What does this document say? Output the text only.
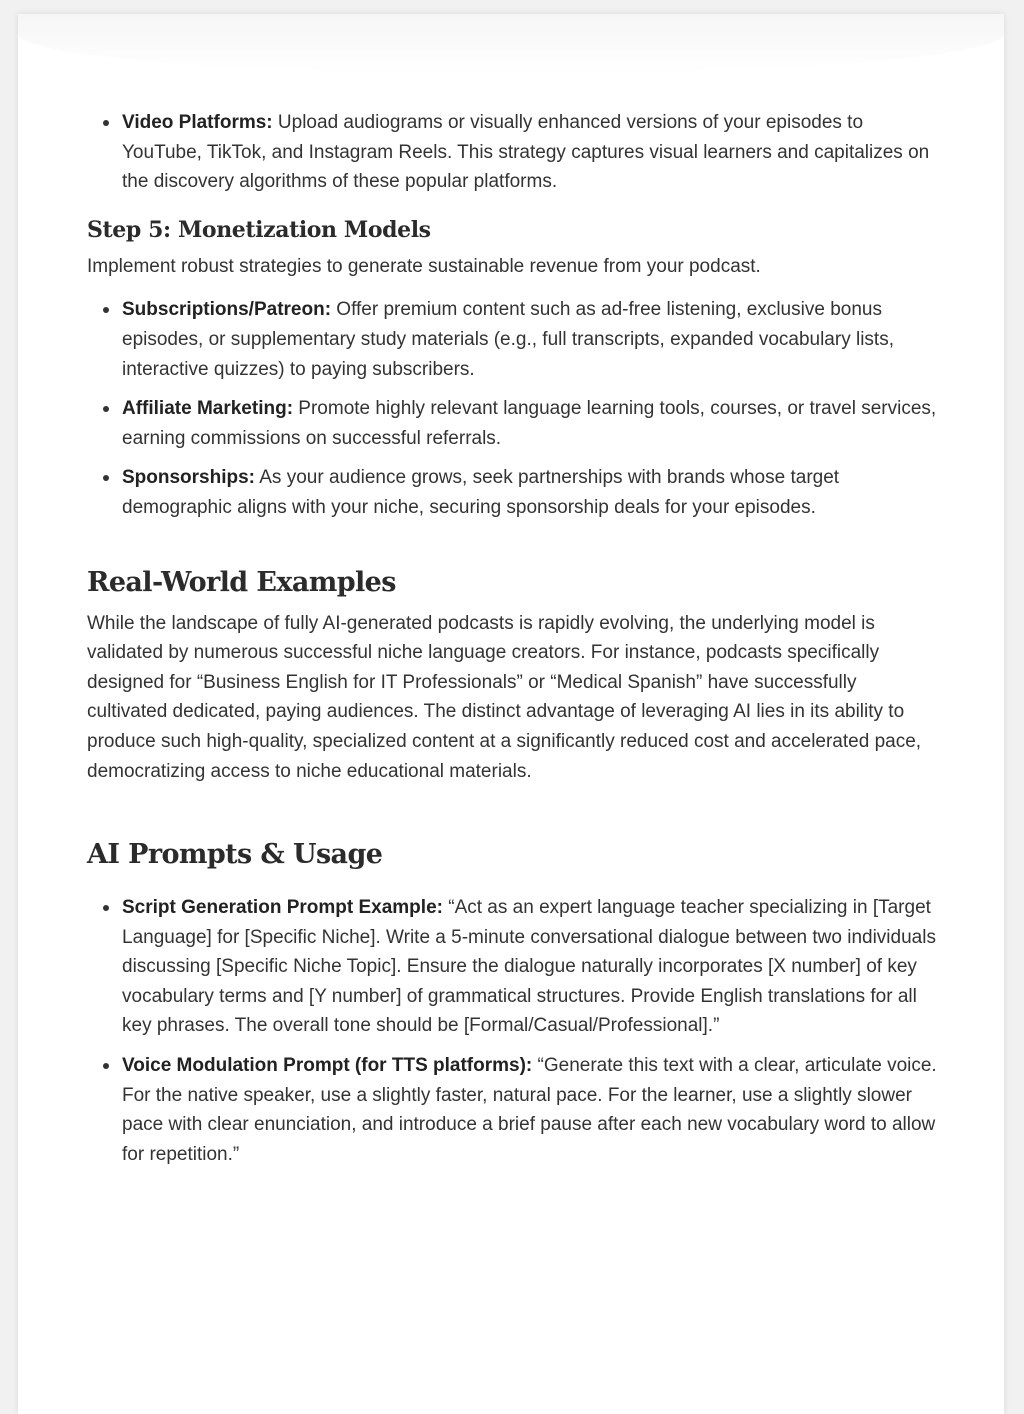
Video Platforms: Upload audiograms or visually enhanced versions of your episodes to YouTube, TikTok, and Instagram Reels. This strategy captures visual learners and capitalizes on the discovery algorithms of these popular platforms.
Step 5: Monetization Models

Implement robust strategies to generate sustainable revenue from your podcast.

Subscriptions/Patreon: Offer premium content such as ad-free listening, exclusive bonus episodes, or supplementary study materials (e.g., full transcripts, expanded vocabulary lists, interactive quizzes) to paying subscribers.
Affiliate Marketing: Promote highly relevant language learning tools, courses, or travel services, earning commissions on successful referrals.
Sponsorships: As your audience grows, seek partnerships with brands whose target demographic aligns with your niche, securing sponsorship deals for your episodes.
Real-World Examples

While the landscape of fully AI-generated podcasts is rapidly evolving, the underlying model is validated by numerous successful niche language creators. For instance, podcasts specifically designed for “Business English for IT Professionals” or “Medical Spanish” have successfully cultivated dedicated, paying audiences. The distinct advantage of leveraging AI lies in its ability to produce such high-quality, specialized content at a significantly reduced cost and accelerated pace, democratizing access to niche educational materials.

AI Prompts & Usage
Script Generation Prompt Example: “Act as an expert language teacher specializing in [Target Language] for [Specific Niche]. Write a 5-minute conversational dialogue between two individuals discussing [Specific Niche Topic]. Ensure the dialogue naturally incorporates [X number] of key vocabulary terms and [Y number] of grammatical structures. Provide English translations for all key phrases. The overall tone should be [Formal/Casual/Professional].”
Voice Modulation Prompt (for TTS platforms): “Generate this text with a clear, articulate voice. For the native speaker, use a slightly faster, natural pace. For the learner, use a slightly slower pace with clear enunciation, and introduce a brief pause after each new vocabulary word to allow for repetition.”
